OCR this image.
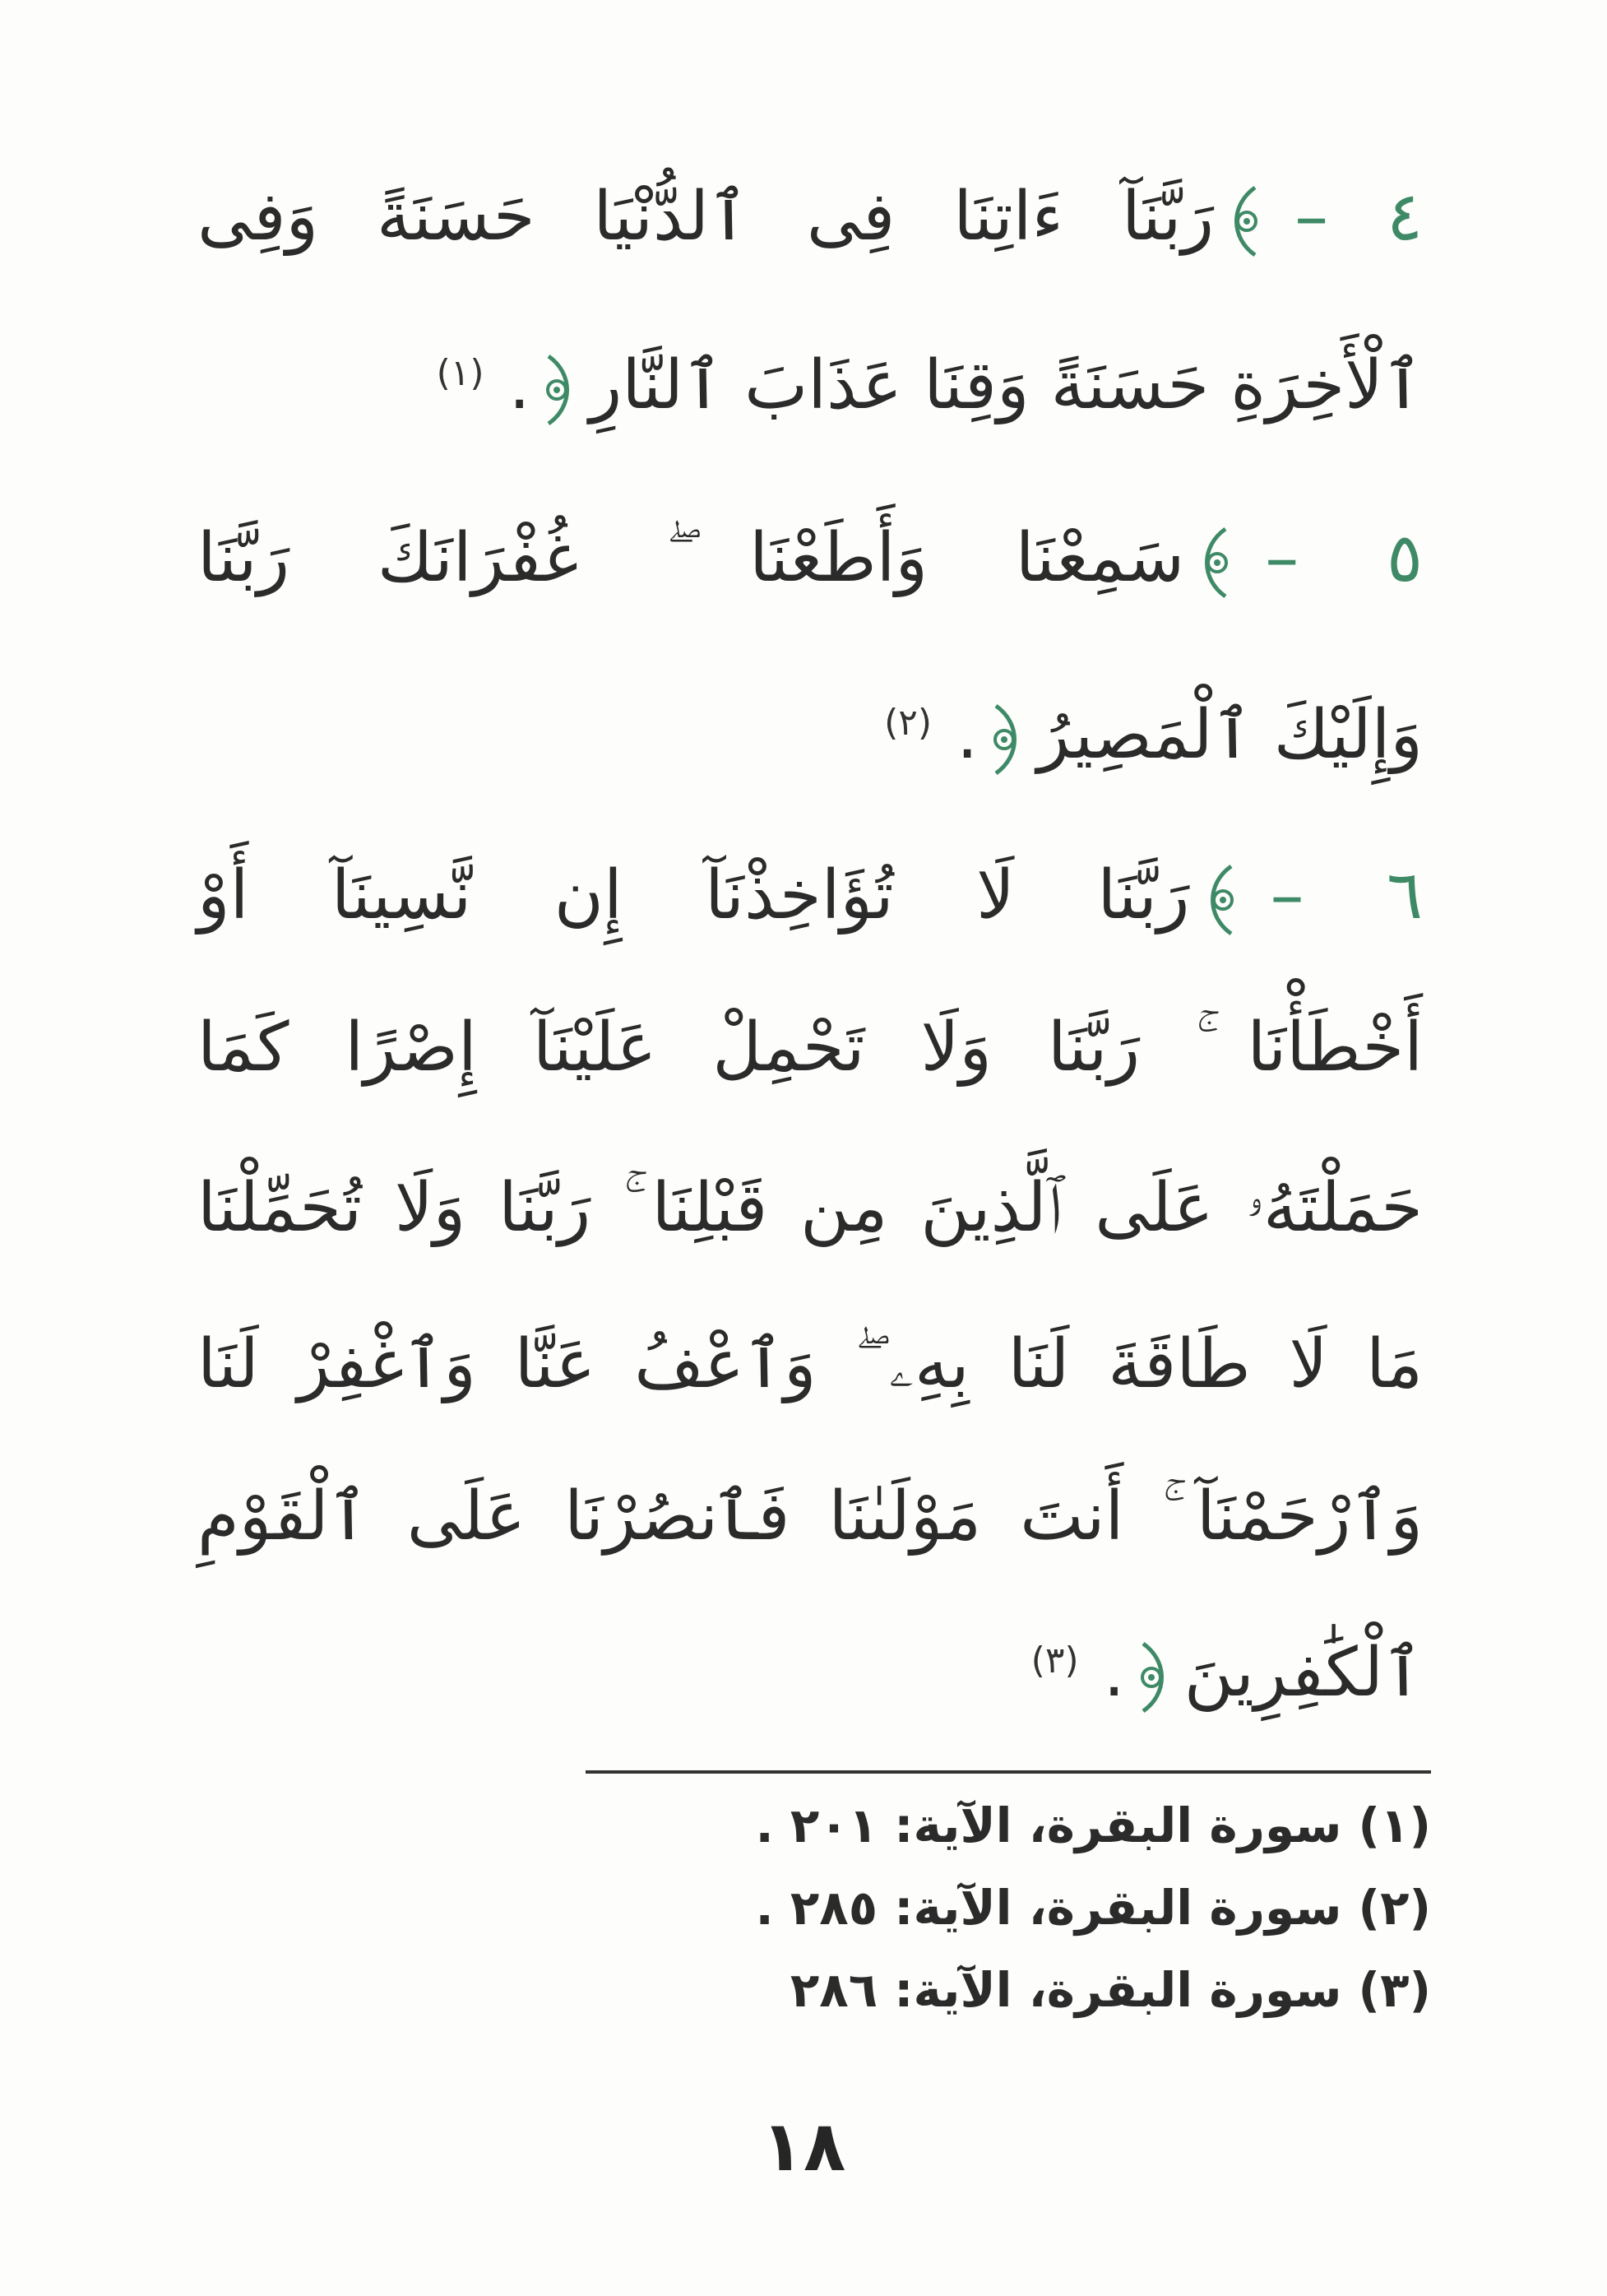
٤ –
رَبَّنَآ ءَاتِنَا فِى ٱلدُّنْيَا حَسَنَةً وَفِى
ٱلْأَخِرَةِ حَسَنَةً وَقِنَا عَذَابَ ٱلنَّارِ
.$^{(١)}$
٥ –
سَمِعْنَا وَأَطَعْنَا ۖ غُفْرَانَكَ رَبَّنَا
وَإِلَيْكَ ٱلْمَصِيرُ
.$^{(٢)}$
٦ –
رَبَّنَا لَا تُؤَاخِذْنَآ إِن نَّسِينَآ أَوْ
أَخْطَأْنَا ۚ رَبَّنَا وَلَا تَحْمِلْ عَلَيْنَآ إِصْرًا كَمَا
حَمَلْتَهُۥ عَلَى ٱلَّذِينَ مِن قَبْلِنَا ۚ رَبَّنَا وَلَا تُحَمِّلْنَا
مَا لَا طَاقَةَ لَنَا بِهِۦ ۖ وَٱعْفُ عَنَّا وَٱغْفِرْ لَنَا
وَٱرْحَمْنَآ ۚ أَنتَ مَوْلَىٰنَا فَٱنصُرْنَا عَلَى ٱلْقَوْمِ
ٱلْكَٰفِرِينَ
.$^{(٣)}$
(١) سورة البقرة، الآية: ٢٠١ .
(٢) سورة البقرة، الآية: ٢٨٥ .
(٣) سورة البقرة، الآية: ٢٨٦
١٨
